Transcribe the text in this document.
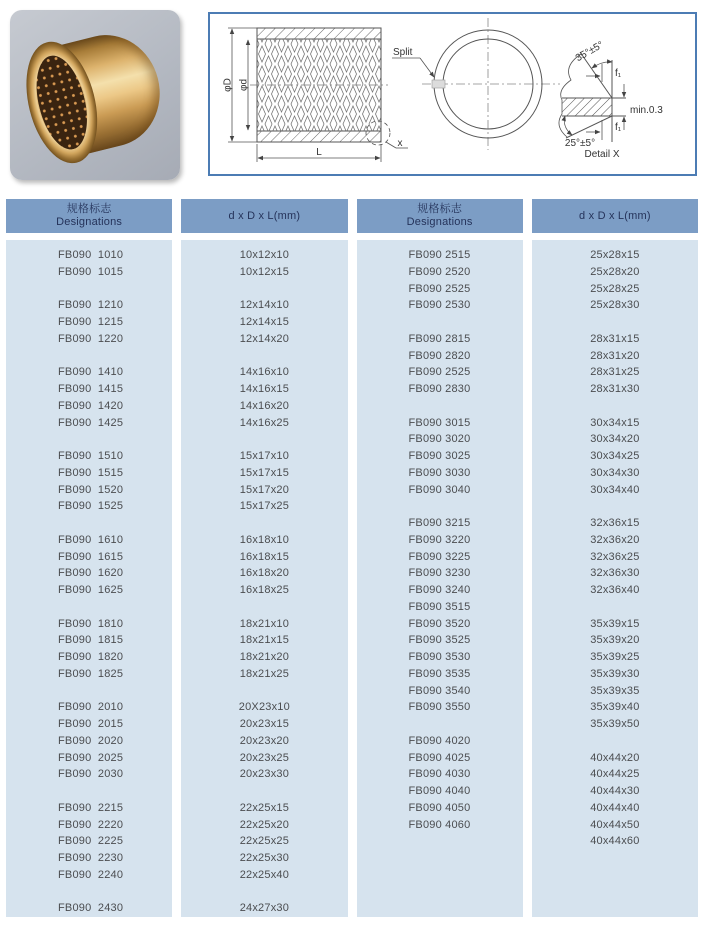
φD φd
L
x
Split	35°±5°
25°±5°
f₁
f₁
min.0.3
Detail X
规格标志
Designations
d x D x L(mm)
规格标志
Designations
d x D x L(mm)
FB090  1010
FB090  1015
FB090  1210
FB090  1215
FB090  1220
FB090  1410
FB090  1415
FB090  1420
FB090  1425
FB090  1510
FB090  1515
FB090  1520
FB090  1525
FB090  1610
FB090  1615
FB090  1620
FB090  1625
FB090  1810
FB090  1815
FB090  1820
FB090  1825
FB090  2010
FB090  2015
FB090  2020
FB090  2025
FB090  2030
FB090  2215
FB090  2220
FB090  2225
FB090  2230
FB090  2240
FB090  2430
10x12x10
10x12x15
12x14x10
12x14x15
12x14x20
14x16x10
14x16x15
14x16x20
14x16x25
15x17x10
15x17x15
15x17x20
15x17x25
16x18x10
16x18x15
16x18x20
16x18x25
18x21x10
18x21x15
18x21x20
18x21x25
20X23x10
20x23x15
20x23x20
20x23x25
20x23x30
22x25x15
22x25x20
22x25x25
22x25x30
22x25x40
24x27x30
FB090 2515
FB090 2520
FB090 2525
FB090 2530
FB090 2815
FB090 2820
FB090 2525
FB090 2830
FB090 3015
FB090 3020
FB090 3025
FB090 3030
FB090 3040
FB090 3215
FB090 3220
FB090 3225
FB090 3230
FB090 3240
FB090 3515
FB090 3520
FB090 3525
FB090 3530
FB090 3535
FB090 3540
FB090 3550
FB090 4020
FB090 4025
FB090 4030
FB090 4040
FB090 4050
FB090 4060
25x28x15
25x28x20
25x28x25
25x28x30
28x31x15
28x31x20
28x31x25
28x31x30
30x34x15
30x34x20
30x34x25
30x34x30
30x34x40
32x36x15
32x36x20
32x36x25
32x36x30
32x36x40
35x39x15
35x39x20
35x39x25
35x39x30
35x39x35
35x39x40
35x39x50
40x44x20
40x44x25
40x44x30
40x44x40
40x44x50
40x44x60
